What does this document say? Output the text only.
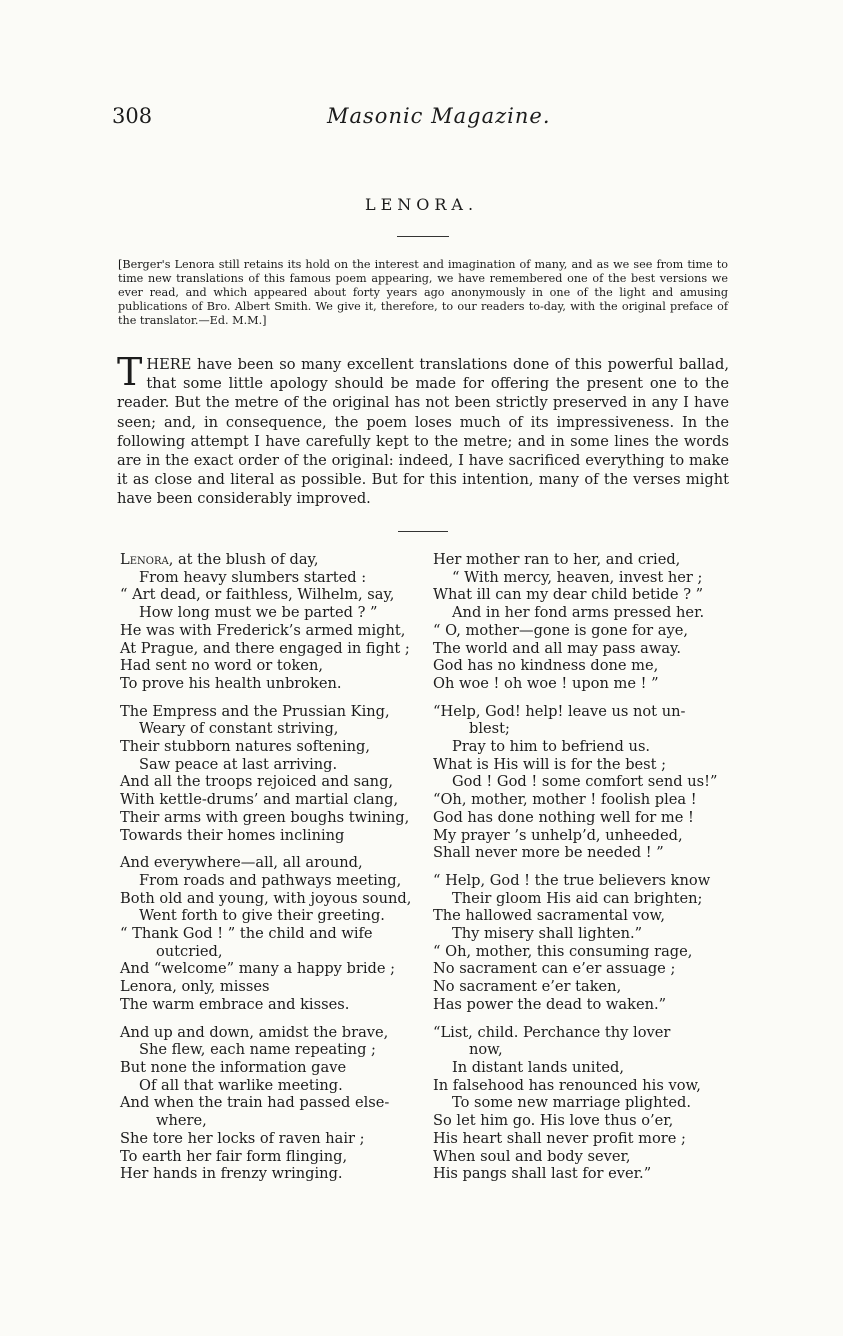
308	Masonic Magazine.
LENORA.
[Berger's Lenora still retains its hold on the interest and imagination of many, and as we see from time to time new translations of this famous poem appearing, we have remembered one of the best versions we ever read, and which appeared about forty years ago anonymously in one of the light and amusing publications of Bro. Albert Smith. We give it, therefore, to our readers to-day, with the original preface of the translator.—Ed. M.M.]
THERE have been so many excellent translations done of this powerful ballad, that some little apology should be made for offering the present one to the reader. But the metre of the original has not been strictly preserved in any I have seen; and, in consequence, the poem loses much of its impressiveness. In the following attempt I have carefully kept to the metre; and in some lines the words are in the exact order of the original: indeed, I have sacrificed everything to make it as close and literal as possible. But for this intention, many of the verses might have been considerably improved.
Lenora, at the blush of day,
From heavy slumbers started :
“ Art dead, or faithless, Wilhelm, say,
How long must we be parted ? ”
He was with Frederick’s armed might,
At Prague, and there engaged in fight ;
Had sent no word or token,
To prove his health unbroken.
The Empress and the Prussian King,
Weary of constant striving,
Their stubborn natures softening,
Saw peace at last arriving.
And all the troops rejoiced and sang,
With kettle-drums’ and martial clang,
Their arms with green boughs twining,
Towards their homes inclining
And everywhere—all, all around,
From roads and pathways meeting,
Both old and young, with joyous sound,
Went forth to give their greeting.
“ Thank God ! ” the child and wife
outcried,
And “welcome” many a happy bride ;
Lenora, only, misses
The warm embrace and kisses.
And up and down, amidst the brave,
She flew, each name repeating ;
But none the information gave
Of all that warlike meeting.
And when the train had passed else-
where,
She tore her locks of raven hair ;
To earth her fair form flinging,
Her hands in frenzy wringing.
Her mother ran to her, and cried,
“ With mercy, heaven, invest her ;
What ill can my dear child betide ? ”
And in her fond arms pressed her.
“ O, mother—gone is gone for aye,
The world and all may pass away.
God has no kindness done me,
Oh woe ! oh woe ! upon me ! ”
“Help, God! help! leave us not un-
blest;
Pray to him to befriend us.
What is His will is for the best ;
God ! God ! some comfort send us!”
“Oh, mother, mother ! foolish plea !
God has done nothing well for me !
My prayer ’s unhelp’d, unheeded,
Shall never more be needed ! ”
“ Help, God ! the true believers know
Their gloom His aid can brighten;
The hallowed sacramental vow,
Thy misery shall lighten.”
“ Oh, mother, this consuming rage,
No sacrament can e’er assuage ;
No sacrament e’er taken,
Has power the dead to waken.”
“List, child. Perchance thy lover
now,
In distant lands united,
In falsehood has renounced his vow,
To some new marriage plighted.
So let him go. His love thus o’er,
His heart shall never profit more ;
When soul and body sever,
His pangs shall last for ever.”
